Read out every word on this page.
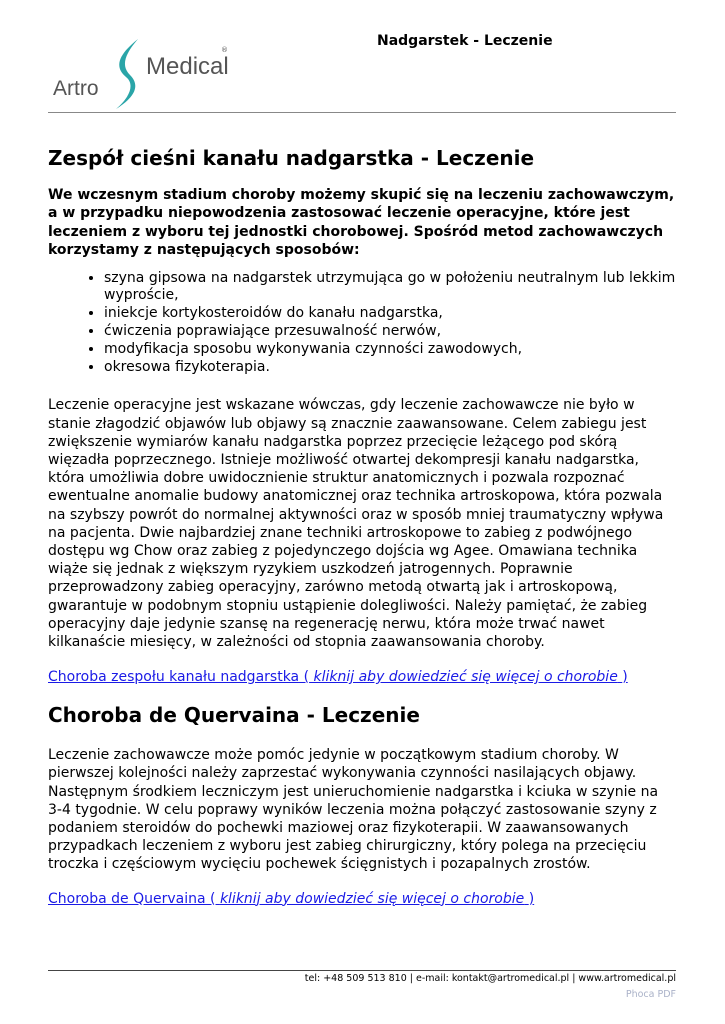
Nadgarstek - Leczenie
Artro
Medical
®
Zespół cieśni kanału nadgarstka - Leczenie

We wczesnym stadium choroby możemy skupić się na leczeniu zachowawczym, a w przypadku niepowodzenia zastosować leczenie operacyjne, które jest leczeniem z wyboru tej jednostki chorobowej. Spośród metod zachowawczych korzystamy z następujących sposobów:

• szyna gipsowa na nadgarstek utrzymująca go w położeniu neutralnym lub lekkim wyproście,
• iniekcje kortykosteroidów do kanału nadgarstka,
• ćwiczenia poprawiające przesuwalność nerwów,
• modyfikacja sposobu wykonywania czynności zawodowych,
• okresowa fizykoterapia.

Leczenie operacyjne jest wskazane wówczas, gdy leczenie zachowawcze nie było w stanie złagodzić objawów lub objawy są znacznie zaawansowane. Celem zabiegu jest zwiększenie wymiarów kanału nadgarstka poprzez przecięcie leżącego pod skórą więzadła poprzecznego. Istnieje możliwość otwartej dekompresji kanału nadgarstka, która umożliwia dobre uwidocznienie struktur anatomicznych i pozwala rozpoznać ewentualne anomalie budowy anatomicznej oraz technika artroskopowa, która pozwala na szybszy powrót do normalnej aktywności oraz w sposób mniej traumatyczny wpływa na pacjenta. Dwie najbardziej znane techniki artroskopowe to zabieg z podwójnego dostępu wg Chow oraz zabieg z pojedynczego dojścia wg Agee. Omawiana technika wiąże się jednak z większym ryzykiem uszkodzeń jatrogennych. Poprawnie przeprowadzony zabieg operacyjny, zarówno metodą otwartą jak i artroskopową, gwarantuje w podobnym stopniu ustąpienie dolegliwości. Należy pamiętać, że zabieg operacyjny daje jedynie szansę na regenerację nerwu, która może trwać nawet kilkanaście miesięcy, w zależności od stopnia zaawansowania choroby.

Choroba zespołu kanału nadgarstka ( kliknij aby dowiedzieć się więcej o chorobie )
Choroba de Quervaina - Leczenie

Leczenie zachowawcze może pomóc jedynie w początkowym stadium choroby. W pierwszej kolejności należy zaprzestać wykonywania czynności nasilających objawy. Następnym środkiem leczniczym jest unieruchomienie nadgarstka i kciuka w szynie na 3-4 tygodnie. W celu poprawy wyników leczenia można połączyć zastosowanie szyny z podaniem steroidów do pochewki maziowej oraz fizykoterapii. W zaawansowanych przypadkach leczeniem z wyboru jest zabieg chirurgiczny, który polega na przecięciu troczka i częściowym wycięciu pochewek ścięgnistych i pozapalnych zrostów.

Choroba de Quervaina ( kliknij aby dowiedzieć się więcej o chorobie )
tel: +48 509 513 810 | e-mail: kontakt@artromedical.pl | www.artromedical.pl
Phoca PDF
